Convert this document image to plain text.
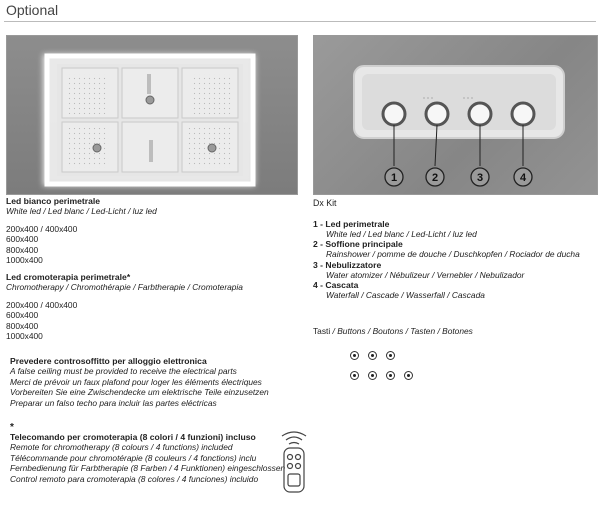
Optional
1	2	3	4
Led bianco perimetrale
White led / Led blanc / Led-Licht / luz led
200x400 / 400x400
600x400
800x400
1000x400
Led cromoterapia perimetrale*
Chromotherapy / Chromothérapie / Farbtherapie / Cromoterapia
200x400 / 400x400
600x400
800x400
1000x400
Prevedere controsoffitto per alloggio elettronica
A false ceiling must be provided to receive the electrical parts
Merci de prévoir un faux plafond pour loger les éléments électriques
Vorbereiten Sie eine Zwischendecke um elektrische Teile einzusetzen
Preparar un falso techo para incluir las partes eléctricas
*
Telecomando per cromoterapia (8 colori / 4 funzioni) incluso
Remote for chromotherapy (8 colours / 4 functions) included
Télécommande pour chromotérapie (8 couleurs / 4 fonctions) inclu
Fernbedienung für Farbtherapie (8 Farben / 4 Funktionen) eingeschlossen
Control remoto para cromoterapia (8 colores / 4 funciones) incluido
Dx Kit
1 - Led perimetrale
White led / Led blanc / Led-Licht / luz led
2 - Soffione principale
Rainshower / pomme de douche / Duschkopfen / Rociador de ducha
3 - Nebulizzatore
Water atomizer / Nébulizeur / Vernebler / Nebulizador
4 - Cascata
Waterfall / Cascade / Wasserfall / Cascada
Tasti / Buttons / Boutons / Tasten / Botones
